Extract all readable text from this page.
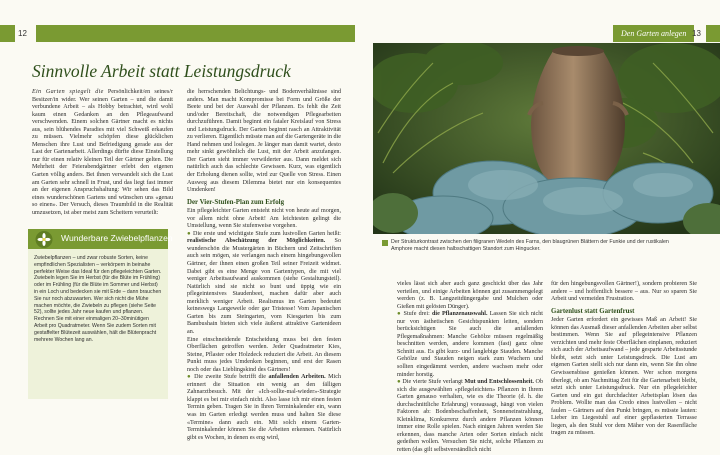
12	Den Garten anlegen 13
Sinnvolle Arbeit statt Leistungsdruck

Ein Garten spiegelt die Persönlichkeit/en seines/r Besitzer/in wider. Wer seinen Garten – und die damit verbundene Arbeit – als Hobby betrachtet, wird wohl kaum einen Gedanken an den Pflegeaufwand verschwenden. Einem solchen Gärtner macht es nichts aus, sein blühendes Paradies mit viel Schweiß erkaufen zu müssen. Vielmehr schöpfen diese glücklichen Menschen ihre Lust und Befriedigung gerade aus der Last der Gartenarbeit. Allerdings dürfte diese Einstellung nur für einen relativ kleinen Teil der Gärtner gelten. Die Mehrheit der Feierabendgärtner erlebt den eigenen Garten völlig anders. Bei ihnen verwandelt sich die Lust am Garten sehr schnell in Frust, und das liegt fast immer an der eigenen Anspruchshaltung: Wir sehen das Bild eines wunderschönen Gartens und wünschen uns «genau so einen». Der Versuch, dieses Traumbild in die Realität umzusetzen, ist aber meist zum Scheitern verurteilt:

Wunderbare Zwiebelpflanzen
Zwiebelpflanzen – und zwar robuste Sorten, keine empfindlichen Spezialisten – verkörpern in beinahe perfekter Weise das Ideal für den pflegeleichten Garten. Zwiebeln legen Sie im Herbst (für die Blüte im Frühling) oder im Frühling (für die Blüte im Sommer und Herbst) in ein Loch und bedecken sie mit Erde – dann brauchen Sie nur noch abzuwarten. Wer sich nicht die Mühe machen möchte, die Zwiebeln zu pflegen (siehe Seite 52), sollte jedes Jahr neue kaufen und pflanzen. Rechnen Sie mit einer einmaligen 20–30minütigen Arbeit pro Quadratmeter. Wenn Sie zudem Sorten mit gestaffelter Blütezeit auswählen, hält die Blütenpracht mehrere Wochen lang an.

die herrschenden Belichtungs- und Bodenverhältnisse sind anders. Man macht Kompromisse bei Form und Größe der Beete und bei der Auswahl der Pflanzen. Es fehlt die Zeit und/oder Bereitschaft, die notwendigen Pflegearbeiten durchzuführen. Damit beginnt ein fataler Kreislauf von Stress und Leistungsdruck. Der Garten beginnt rasch an Attraktivität zu verlieren. Eigentlich müsste man auf die Gartengeräte in die Hand nehmen und loslegen. Je länger man damit wartet, desto mehr sinkt gewöhnlich die Lust, mit der Arbeit anzufangen. Der Garten sieht immer verwilderter aus. Dann meldet sich natürlich auch das schlechte Gewissen. Kurz, was eigentlich der Erholung dienen sollte, wird zur Quelle von Stress. Einen Ausweg aus diesem Dilemma bietet nur ein konsequentes Umdenken!

Der Vier-Stufen-Plan zum Erfolg

Ein pflegeleichter Garten entsteht nicht von heute auf morgen, vor allem nicht ohne Arbeit! Am leichtesten gelingt die Umstellung, wenn Sie stufenweise vorgehen.

● Die erste und wichtigste Stufe zum lustvollen Garten heißt: realistische Abschätzung der Möglichkeiten. So wunderschön die Mustergärten in Büchern und Zeitschriften auch sein mögen, sie verlangen nach einem hingebungsvollen Gärtner, der ihnen einen großen Teil seiner Freizeit widmet. Dabei gibt es eine Menge von Gartentypen, die mit viel weniger Arbeitsaufwand auskommen (siehe Gestaltungsteil). Natürlich sind sie nicht so bunt und üppig wie ein pflegeintensives Staudenbeet, machen dafür aber auch merklich weniger Arbeit. Realismus im Garten bedeutet keineswegs Langeweile oder gar Tristesse! Vom Japanischen Garten bis zum Steingarten, vom Kiesgarten bis zum Bambushain bieten sich viele äußerst attraktive Gartenideen an.

Eine einschneidende Entscheidung muss bei den festen Oberflächen getroffen werden. Jeder Quadratmeter Kies, Steine, Pflaster oder Holzdeck reduziert die Arbeit. An diesem Punkt muss jedes Umdenken beginnen, und erst der Rasen noch oder das Lieblingskind des Gärtners!

● Die zweite Stufe betrifft die anfallenden Arbeiten. Mich erinnert die Situation ein wenig an den fälligen Zahnarztbesuch. Mit der «Ich-sollte-mal-wieder»-Strategie klappt es bei mir einfach nicht. Also lasse ich mir einen festen Termin geben. Tragen Sie in Ihren Terminkalender ein, wann was im Garten erledigt werden muss und halten Sie diese «Termine» dann auch ein. Mit solch einem Garten-Terminkalender können Sie die Arbeiten erkennen. Natürlich gibt es Wochen, in denen es eng wird,

Der Strukturkontrast zwischen den filigranen Wedeln des Farns, den blaugrünen Blättern der Funkie und der rustikalen Amphore macht diesen halbschattigen Standort zum Hingucker.

vieles lässt sich aber auch ganz geschickt über das Jahr verteilen, und einige Arbeiten können gut zusammengelegt werden (z. B. Langzeitdüngergabe und Mulchen oder Gießen mit gelösten Dünger).

● Stufe drei: die Pflanzenauswahl. Lassen Sie sich nicht nur von ästhetischen Gesichtspunkten leiten, sondern berücksichtigen Sie auch die anfallenden Pflegemaßnahmen: Manche Gehölze müssen regelmäßig beschnitten werden, andere kommen (fast) ganz ohne Schnitt aus. Es gibt kurz- und langlebige Stauden. Manche Gehölze und Stauden neigen stark zum Wuchern und sollten eingedämmt werden, andere wachsen mehr oder minder horstig.

● Die vierte Stufe verlangt Mut und Entschlossenheit. Ob sich die ausgewählten «pflegeleichten» Pflanzen in Ihrem Garten genauso verhalten, wie es die Theorie (d. h. die durchschnittliche Erfahrung) voraussagt, hängt von vielen Faktoren ab: Bodenbeschaffenheit, Sonneneinstrahlung, Kleinklima, Konkurrenz durch andere Pflanzen können immer eine Rolle spielen. Nach einigen Jahren werden Sie erkennen, dass manche Arten oder Sorten einfach nicht gedeihen wollen. Versuchen Sie nicht, solche Pflanzen zu retten (das gilt selbstverständlich nicht

für den hingebungsvollen Gärtner!), sondern probieren Sie andere – und hoffentlich bessere – aus. Nur so sparen Sie Arbeit und vermeiden Frustration.

Gartenlust statt Gartenfrust

Jeder Garten erfordert ein gewisses Maß an Arbeit! Sie können das Ausmaß dieser anfallenden Arbeiten aber selbst bestimmen. Wenn Sie auf pflegeintensive Pflanzen verzichten und mehr feste Oberflächen einplanen, reduziert sich auch der Arbeitsaufwand – jede gesparte Arbeitsstunde bleibt, setzt sich unter Leistungsdruck. Die Lust am eigenen Garten stellt sich nur dann ein, wenn Sie ihn ohne Gewissensbisse genießen können. Wer schon morgens überlegt, ob am Nachmittag Zeit für die Gartenarbeit bleibt, setzt sich unter Leistungsdruck. Nur ein pflegeleichter Garten und ein gut durchdachter Arbeitsplan lösen das Problem. Wollte man das Credo eines lustvollen – nicht faulen – Gärtners auf den Punkt bringen, es müsste lauten: Lieber im Liegestuhl auf einer gepflasterten Terrasse liegen, als den Stuhl vor dem Mäher von der Rasenfläche tragen zu müssen.
